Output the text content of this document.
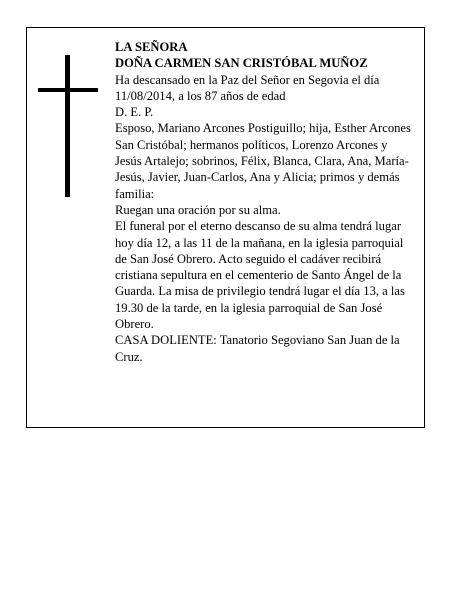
LA SEÑORA

DOÑA CARMEN SAN CRISTÓBAL MUÑOZ

Ha descansado en la Paz del Señor en Segovia el día 11/08/2014, a los 87 años de edad

D. E. P.

Esposo, Mariano Arcones Postiguillo; hija, Esther Arcones San Cristóbal; hermanos políticos, Lorenzo Arcones y Jesús Artalejo; sobrinos, Félix, Blanca, Clara, Ana, María-Jesús, Javier, Juan-Carlos, Ana y Alicia; primos y demás familia:

Ruegan una oración por su alma.

El funeral por el eterno descanso de su alma tendrá lugar hoy día 12, a las 11 de la mañana, en la iglesia parroquial de San José Obrero. Acto seguido el cadáver recibirá cristiana sepultura en el cementerio de Santo Ángel de la Guarda. La misa de privilegio tendrá lugar el día 13, a las 19.30 de la tarde, en la iglesia parroquial de San José Obrero.

CASA DOLIENTE: Tanatorio Segoviano San Juan de la Cruz.
